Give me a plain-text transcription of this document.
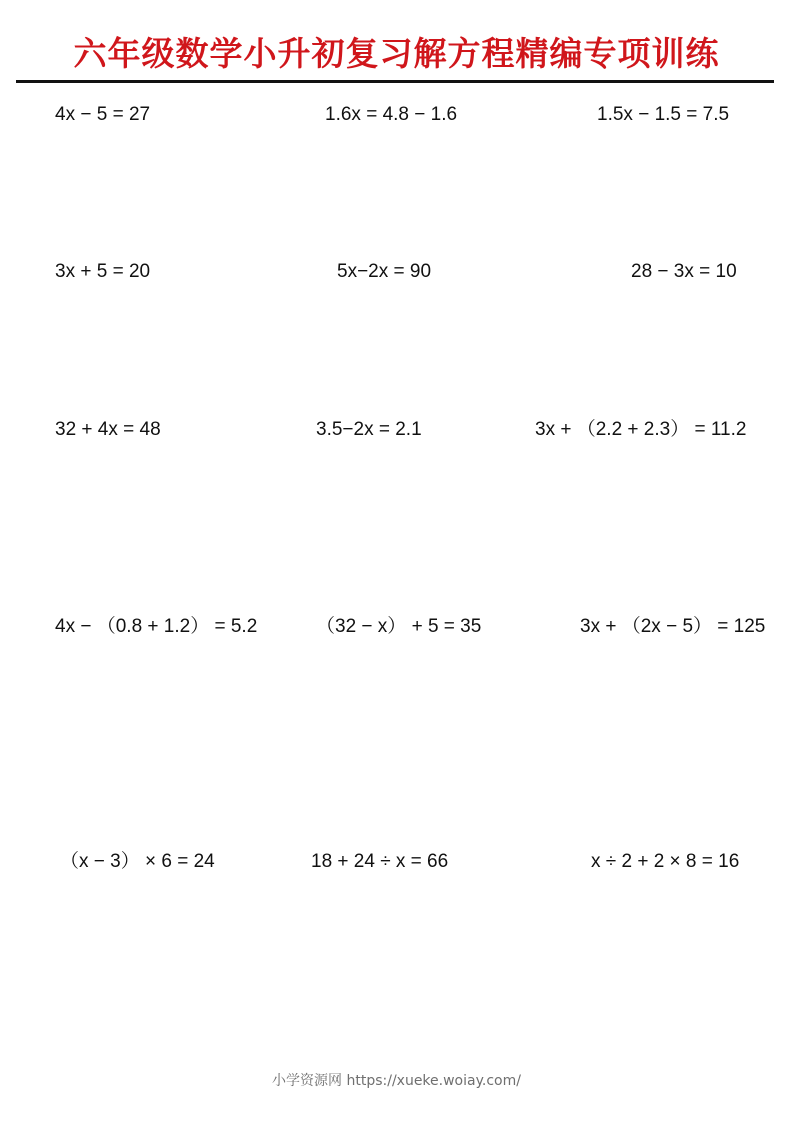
六年级数学小升初复习解方程精编专项训练
4x − 5 = 27	1.6x = 4.8 − 1.6	1.5x − 1.5 = 7.5
3x + 5 = 20	5x−2x = 90	28 − 3x = 10
32 + 4x = 48	3.5−2x = 2.1	3x + （2.2 + 2.3） = 11.2
4x − （0.8 + 1.2） = 5.2	（32 − x） + 5 = 35	3x + （2x − 5） = 125
（x − 3） × 6 = 24	18 + 24 ÷ x = 66	x ÷ 2 + 2 × 8 = 16
小学资源网 https://xueke.woiay.com/
